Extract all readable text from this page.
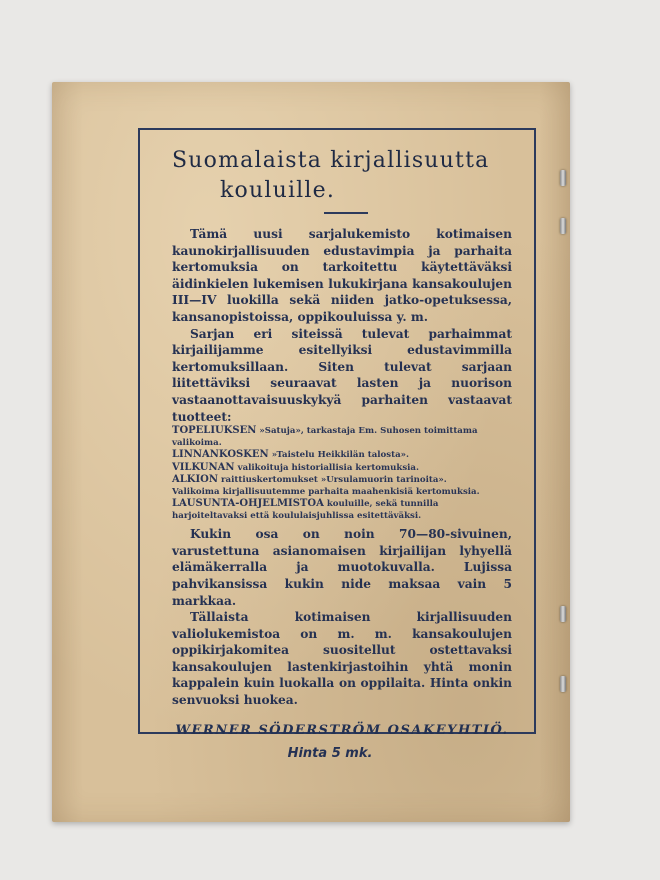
Suomalaista kirjallisuutta
kouluille.

Tämä uusi sarjalukemisto kotimaisen kaunokirjallisuuden edustavimpia ja parhaita kertomuksia on tarkoitettu käytettäväksi äidinkielen lukemisen lukukirjana kansakoulujen III—IV luokilla sekä niiden jatko-opetuksessa, kansanopistoissa, oppikouluissa y. m.

Sarjan eri siteissä tulevat parhaimmat kirjailijamme esitellyiksi edustavimmilla kertomuksillaan. Siten tulevat sarjaan liitettäviksi seuraavat lasten ja nuorison vastaanottavaisuuskykyä parhaiten vastaavat tuotteet:

TOPELIUKSEN »Satuja», tarkastaja Em. Suhosen toimittama valikoima.

LINNANKOSKEN »Taistelu Heikkilän talosta».

VILKUNAN valikoituja historiallisia kertomuksia.

ALKION raittiuskertomukset »Ursulamuorin tarinoita».

Valikoima kirjallisuutemme parhaita maahenkisiä kertomuksia.

LAUSUNTA-OHJELMISTOA kouluille, sekä tunnilla harjoiteltavaksi että koululaisjuhlissa esitettäväksi.

Kukin osa on noin 70—80-sivuinen, varustettuna asianomaisen kirjailijan lyhyellä elämäkerralla ja muotokuvalla. Lujissa pahvikansissa kukin nide maksaa vain 5 markkaa.

Tällaista kotimaisen kirjallisuuden valiolukemistoa on m. m. kansakoulujen oppikirjakomitea suositellut ostettavaksi kansakoulujen lastenkirjastoihin yhtä monin kappalein kuin luokalla on oppilaita. Hinta onkin senvuoksi huokea.

WERNER SÖDERSTRÖM OSAKEYHTIÖ.
Hinta 5 mk.
